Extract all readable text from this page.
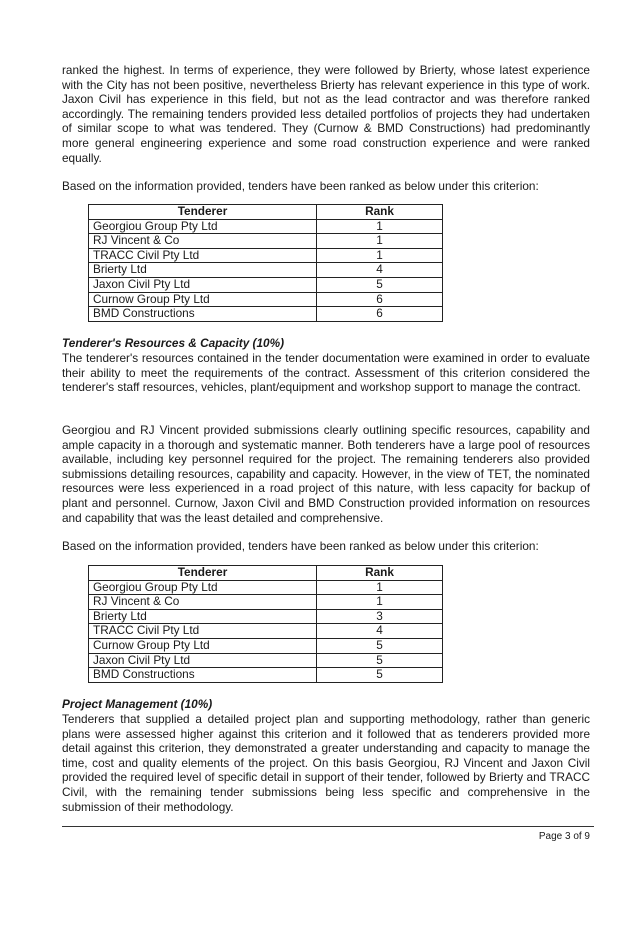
ranked the highest. In terms of experience, they were followed by Brierty, whose latest experience with the City has not been positive, nevertheless Brierty has relevant experience in this type of work. Jaxon Civil has experience in this field, but not as the lead contractor and was therefore ranked accordingly. The remaining tenders provided less detailed portfolios of projects they had undertaken of similar scope to what was tendered. They (Curnow & BMD Constructions) had predominantly more general engineering experience and some road construction experience and were ranked equally.

Based on the information provided, tenders have been ranked as below under this criterion:

Tenderer	Rank
Georgiou Group Pty Ltd	1
RJ Vincent & Co	1
TRACC Civil Pty Ltd	1
Brierty Ltd	4
Jaxon Civil Pty Ltd	5
Curnow Group Pty Ltd	6
BMD Constructions	6

Tenderer's Resources & Capacity (10%)

The tenderer's resources contained in the tender documentation were examined in order to evaluate their ability to meet the requirements of the contract. Assessment of this criterion considered the tenderer's staff resources, vehicles, plant/equipment and workshop support to manage the contract.

Georgiou and RJ Vincent provided submissions clearly outlining specific resources, capability and ample capacity in a thorough and systematic manner. Both tenderers have a large pool of resources available, including key personnel required for the project. The remaining tenderers also provided submissions detailing resources, capability and capacity. However, in the view of TET, the nominated resources were less experienced in a road project of this nature, with less capacity for backup of plant and personnel. Curnow, Jaxon Civil and BMD Construction provided information on resources and capability that was the least detailed and comprehensive.

Based on the information provided, tenders have been ranked as below under this criterion:

Tenderer	Rank
Georgiou Group Pty Ltd	1
RJ Vincent & Co	1
Brierty Ltd	3
TRACC Civil Pty Ltd	4
Curnow Group Pty Ltd	5
Jaxon Civil Pty Ltd	5
BMD Constructions	5

Project Management (10%)

Tenderers that supplied a detailed project plan and supporting methodology, rather than generic plans were assessed higher against this criterion and it followed that as tenderers provided more detail against this criterion, they demonstrated a greater understanding and capacity to manage the time, cost and quality elements of the project. On this basis Georgiou, RJ Vincent and Jaxon Civil provided the required level of specific detail in support of their tender, followed by Brierty and TRACC Civil, with the remaining tender submissions being less specific and comprehensive in the submission of their methodology.

Page 3 of 9
